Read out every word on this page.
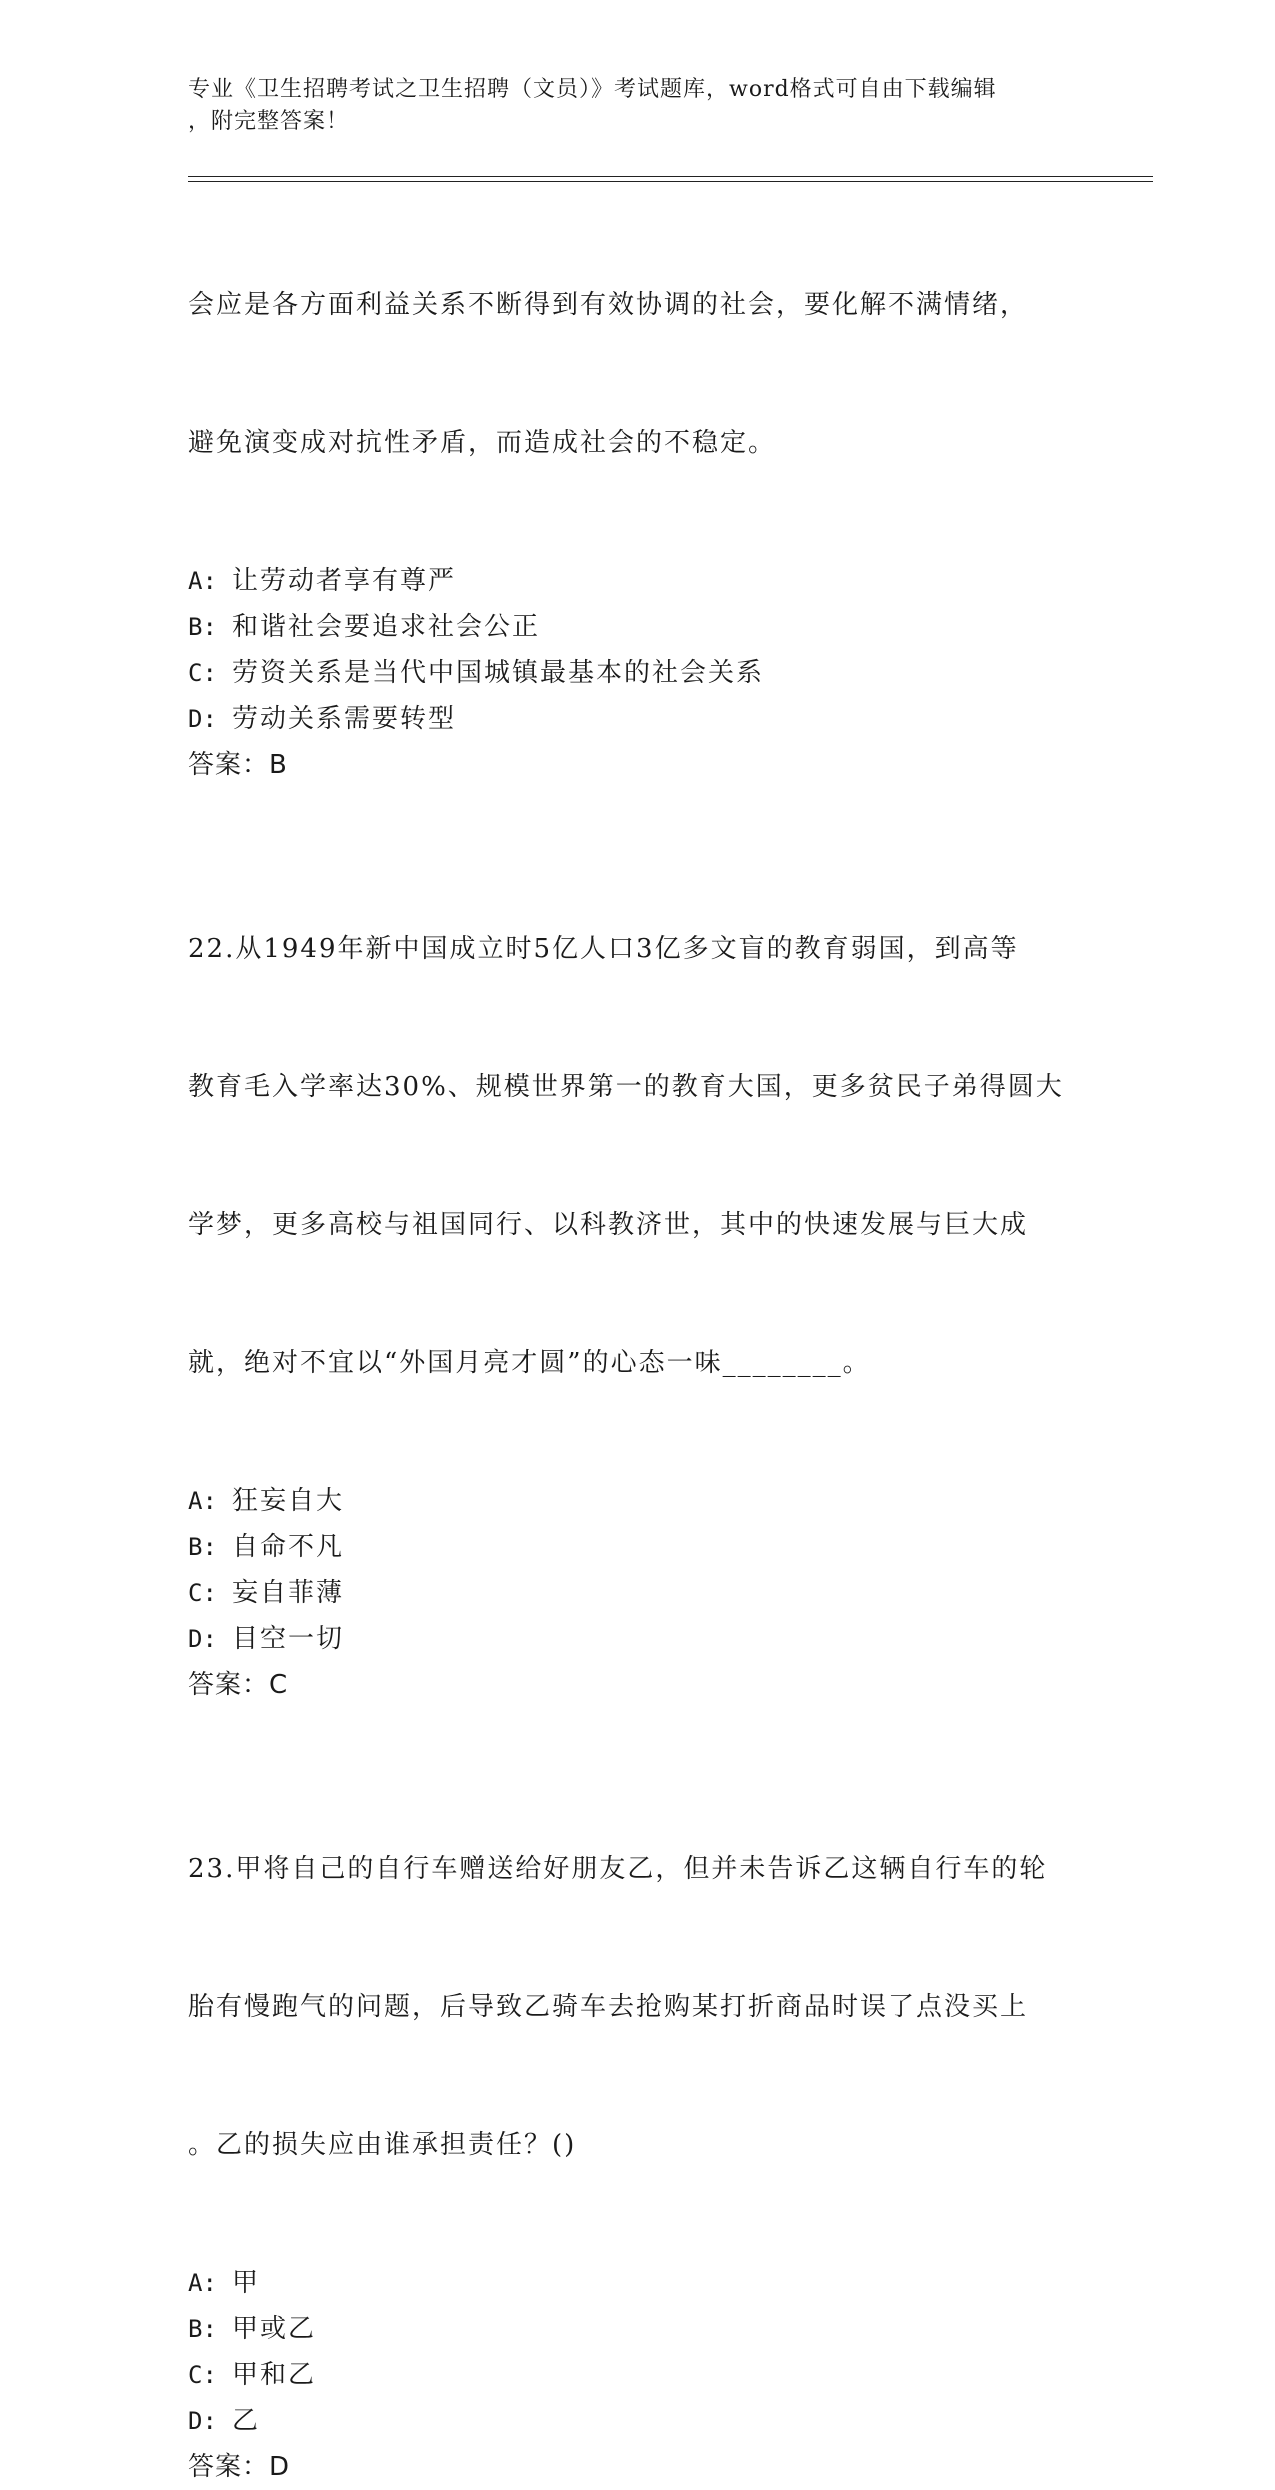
专业《卫生招聘考试之卫生招聘（文员）》考试题库，word格式可自由下载编辑
，附完整答案！

会应是各方面利益关系不断得到有效协调的社会，要化解不满情绪，

避免演变成对抗性矛盾，而造成社会的不稳定。

A: 让劳动者享有尊严
B: 和谐社会要追求社会公正
C: 劳资关系是当代中国城镇最基本的社会关系
D: 劳动关系需要转型
答案：B

22.从1949年新中国成立时5亿人口3亿多文盲的教育弱国，到高等

教育毛入学率达30%、规模世界第一的教育大国，更多贫民子弟得圆大

学梦，更多高校与祖国同行、以科教济世，其中的快速发展与巨大成

就，绝对不宜以“外国月亮才圆”的心态一味________。

A: 狂妄自大
B: 自命不凡
C: 妄自菲薄
D: 目空一切
答案：C

23.甲将自己的自行车赠送给好朋友乙，但并未告诉乙这辆自行车的轮

胎有慢跑气的问题，后导致乙骑车去抢购某打折商品时误了点没买上

。乙的损失应由谁承担责任？()

A: 甲
B: 甲或乙
C: 甲和乙
D: 乙
答案：D
